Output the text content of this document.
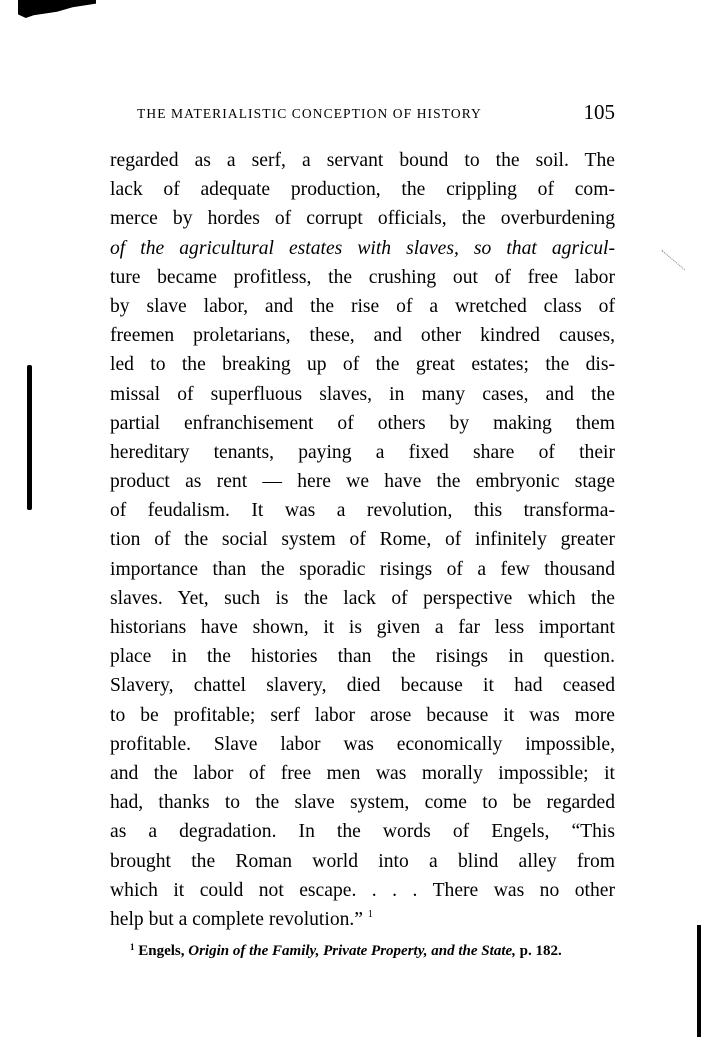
THE MATERIALISTIC CONCEPTION OF HISTORY	105
regarded as a serf, a servant bound to the soil. The
lack of adequate production, the crippling of com-
merce by hordes of corrupt officials, the overburdening
of the agricultural estates with slaves, so that agricul-
ture became profitless, the crushing out of free labor
by slave labor, and the rise of a wretched class of
freemen proletarians, these, and other kindred causes,
led to the breaking up of the great estates; the dis-
missal of superfluous slaves, in many cases, and the
partial enfranchisement of others by making them
hereditary tenants, paying a fixed share of their
product as rent — here we have the embryonic stage
of feudalism. It was a revolution, this transforma-
tion of the social system of Rome, of infinitely greater
importance than the sporadic risings of a few thousand
slaves. Yet, such is the lack of perspective which the
historians have shown, it is given a far less important
place in the histories than the risings in question.
Slavery, chattel slavery, died because it had ceased
to be profitable; serf labor arose because it was more
profitable. Slave labor was economically impossible,
and the labor of free men was morally impossible; it
had, thanks to the slave system, come to be regarded
as a degradation. In the words of Engels, “This
brought the Roman world into a blind alley from
which it could not escape. . . . There was no other
help but a complete revolution.” $^1$
$^1$ Engels, Origin of the Family, Private Property, and the State, p. 182.
